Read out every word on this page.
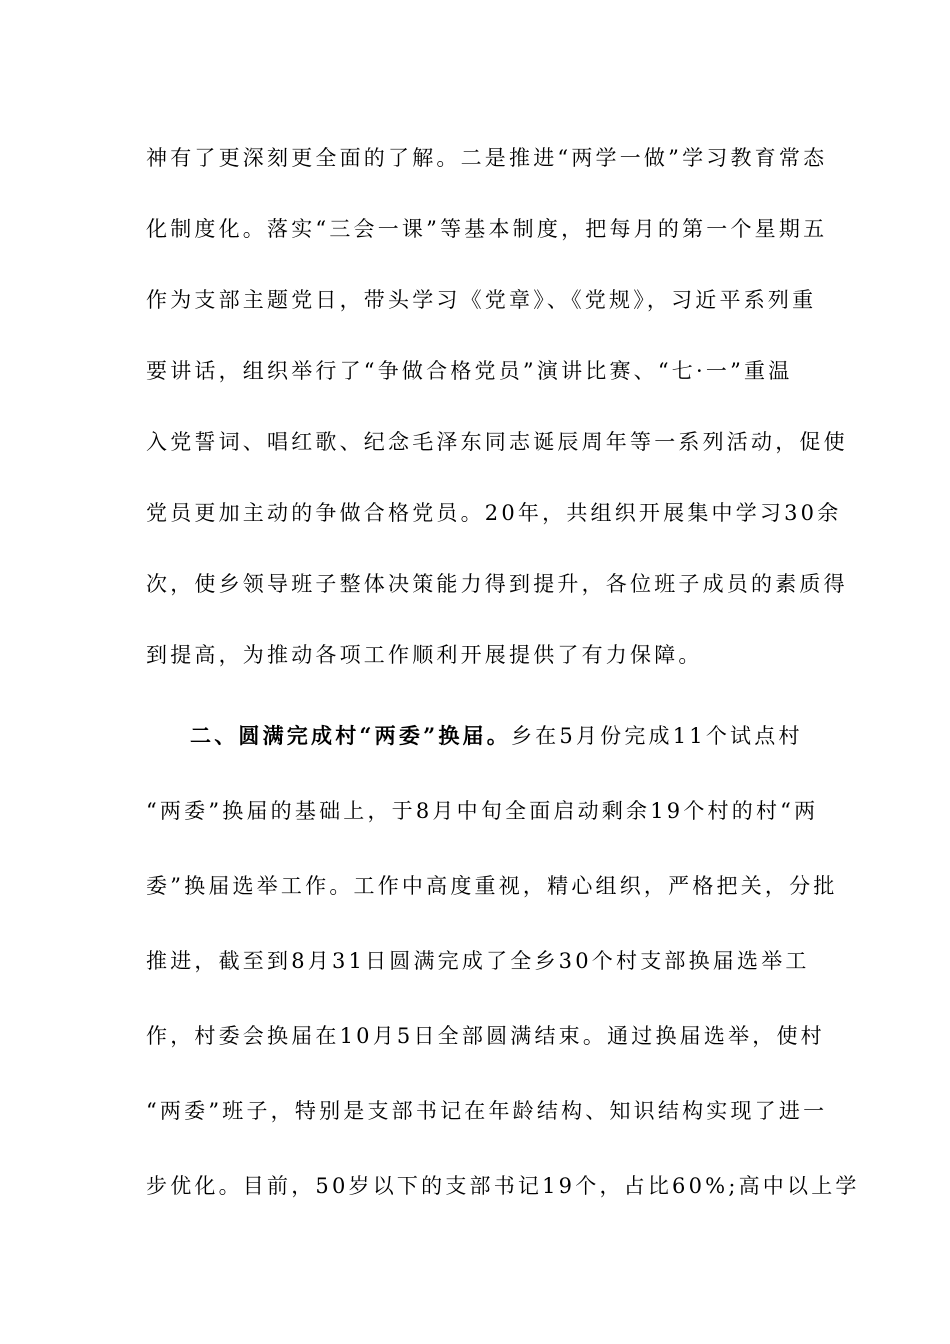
神有了更深刻更全面的了解。二是推进“两学一做”学习教育常态
化制度化。落实“三会一课”等基本制度，把每月的第一个星期五
作为支部主题党日，带头学习《党章》、《党规》，习近平系列重
要讲话，组织举行了“争做合格党员”演讲比赛、“七·一”重温
入党誓词、唱红歌、纪念毛泽东同志诞辰周年等一系列活动，促使
党员更加主动的争做合格党员。20年，共组织开展集中学习30余
次，使乡领导班子整体决策能力得到提升，各位班子成员的素质得
到提高，为推动各项工作顺利开展提供了有力保障。
二、圆满完成村“两委”换届。乡在5月份完成11个试点村
“两委”换届的基础上，于8月中旬全面启动剩余19个村的村“两
委”换届选举工作。工作中高度重视，精心组织，严格把关，分批
推进，截至到8月31日圆满完成了全乡30个村支部换届选举工
作，村委会换届在10月5日全部圆满结束。通过换届选举，使村
“两委”班子，特别是支部书记在年龄结构、知识结构实现了进一
步优化。目前，50岁以下的支部书记19个，占比60%;高中以上学
